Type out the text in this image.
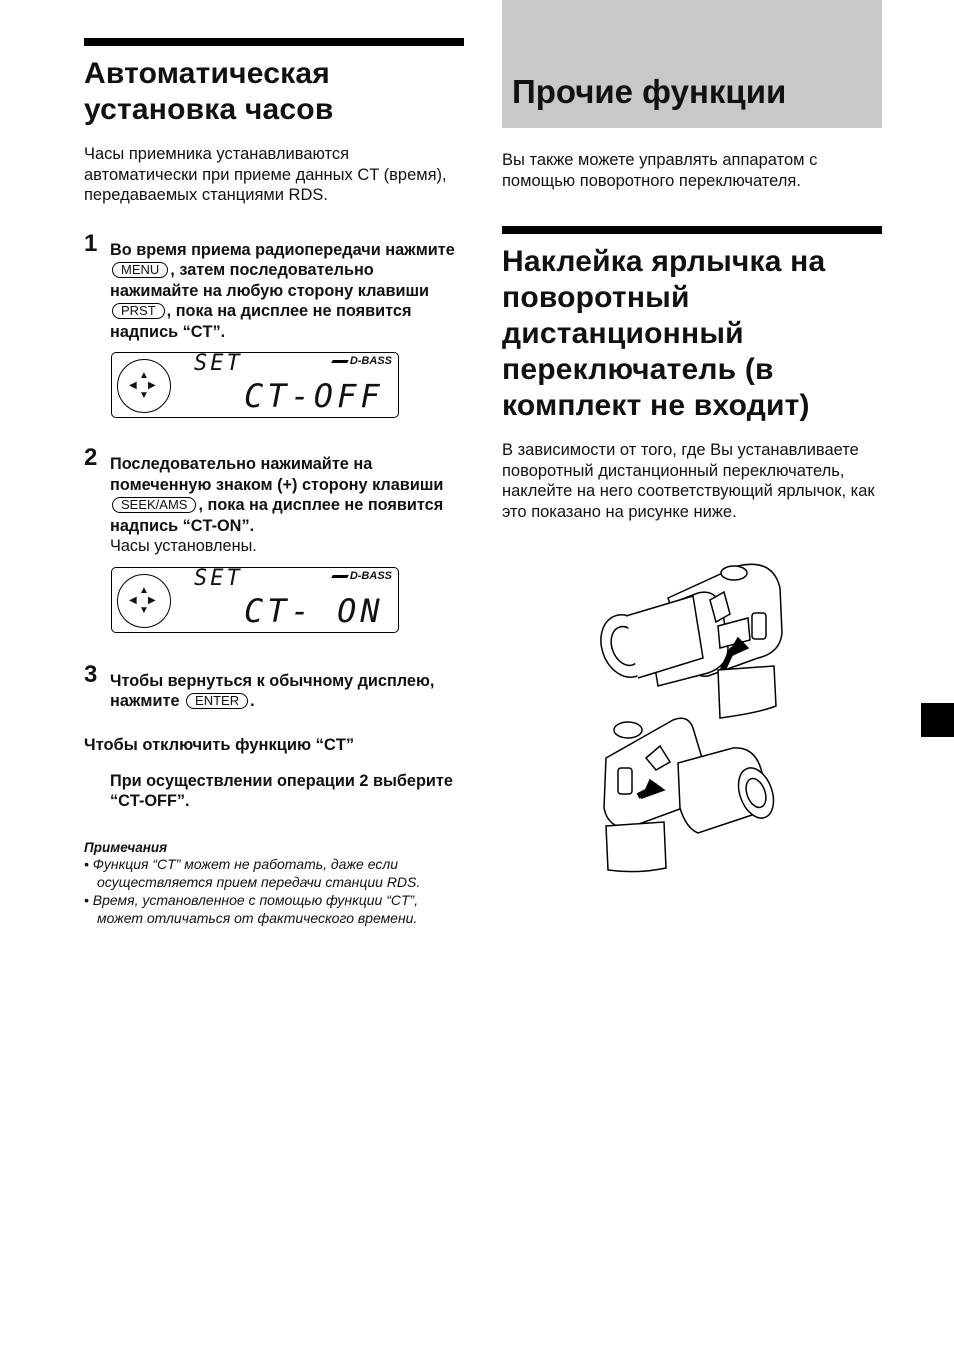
Автоматическая установка часов

Часы приемника устанавливаются автоматически при приеме данных CT (время), передаваемых станциями RDS.

1 Во время приема радиопередачи нажмите MENU , затем последовательно нажимайте на любую сторону клавиши PRST , пока на дисплее не появится надпись “CT”.
▲
▶
▼
◀
SET	D-BASS
CT-OFF
2 Последовательно нажимайте на помеченную знаком (+) сторону клавиши SEEK/AMS , пока на дисплее не появится надпись “CT-ON”.
Часы установлены.
▲
▶
▼
◀
SET	D-BASS
CT- ON
3 Чтобы вернуться к обычному дисплею, нажмите ENTER .
Чтобы отключить функцию “CT”

При осуществлении операции 2 выберите “CT-OFF”.

Примечания

• Функция “CT” может не работать, даже если осуществляется прием передачи станции RDS.

• Время, установленное с помощью функции “CT”, может отличаться от фактического времени.

Прочие функции

Вы также можете управлять аппаратом с помощью поворотного переключателя.

Наклейка ярлычка на поворотный дистанционный переключатель (в комплект не входит)

В зависимости от того, где Вы устанавливаете поворотный дистанционный переключатель, наклейте на него соответствующий ярлычок, как это показано на рисунке ниже.
